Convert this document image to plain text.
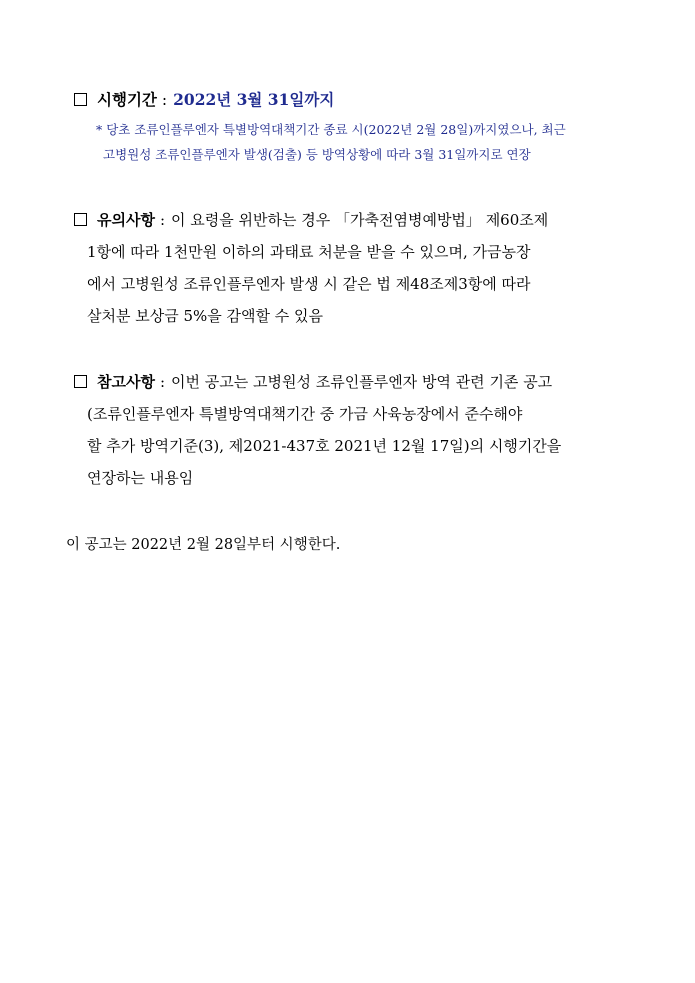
시행기간 : 2022년 3월 31일까지
* 당초 조류인플루엔자 특별방역대책기간 종료 시(2022년 2월 28일)까지였으나, 최근
고병원성 조류인플루엔자 발생(검출) 등 방역상황에 따라 3월 31일까지로 연장
유의사항 : 이 요령을 위반하는 경우 「가축전염병예방법」 제60조제
1항에 따라 1천만원 이하의 과태료 처분을 받을 수 있으며, 가금농장
에서 고병원성 조류인플루엔자 발생 시 같은 법 제48조제3항에 따라
살처분 보상금 5%을 감액할 수 있음
참고사항 : 이번 공고는 고병원성 조류인플루엔자 방역 관련 기존 공고
(조류인플루엔자 특별방역대책기간 중 가금 사육농장에서 준수해야
할 추가 방역기준(3), 제2021-437호 2021년 12월 17일)의 시행기간을
연장하는 내용임
이 공고는 2022년 2월 28일부터 시행한다.
